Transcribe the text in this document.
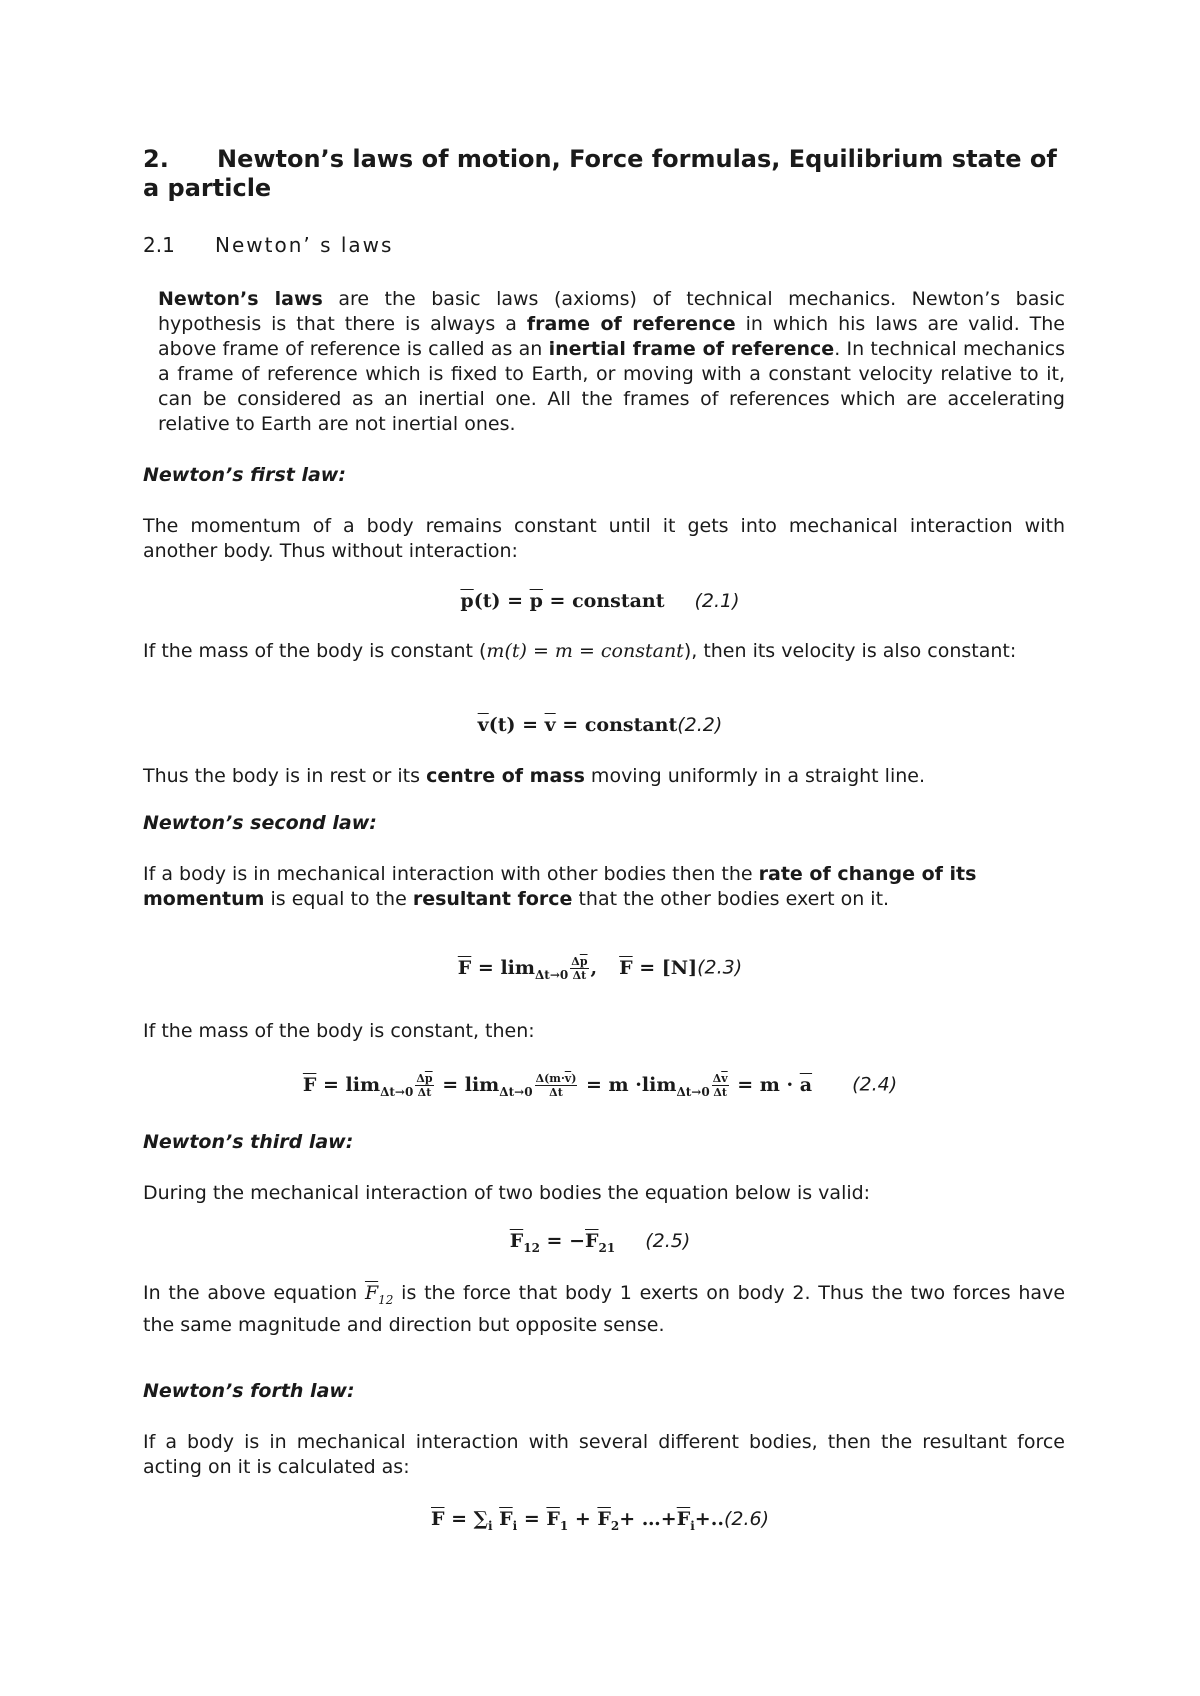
2. Newton’s laws of motion, Force formulas, Equilibrium state of a particle
2.1 Newton’ s laws
Newton’s laws are the basic laws (axioms) of technical mechanics. Newton’s basic hypothesis is that there is always a frame of reference in which his laws are valid. The above frame of reference is called as an inertial frame of reference. In technical mechanics a frame of reference which is fixed to Earth, or moving with a constant velocity relative to it, can be considered as an inertial one. All the frames of references which are accelerating relative to Earth are not inertial ones.
Newton’s first law:
The momentum of a body remains constant until it gets into mechanical interaction with another body. Thus without interaction:
$\overline{p}(t) = \overline{p}$ = constant (2.1)
If the mass of the body is constant (m(t) = m = constant), then its velocity is also constant:
$\overline{v}(t) = \overline{v}$ = constant(2.2)
Thus the body is in rest or its centre of mass moving uniformly in a straight line.
Newton’s second law:
If a body is in mechanical interaction with other bodies then the rate of change of its momentum is equal to the resultant force that the other bodies exert on it.
$\overline{F} = \lim_{\Delta t\to 0} \frac{\Delta\overline{p}}{\Delta t}$ , $\overline{F} = [N](2.3)$
If the mass of the body is constant, then:
$\overline{F} = \lim_{\Delta t\to 0} \frac{\Delta\overline{p}}{\Delta t} = \lim_{\Delta t\to 0} \frac{\Delta(m\cdot\overline{v})}{\Delta t} = m \cdot\lim_{\Delta t\to 0} \frac{\Delta\overline{v}}{\Delta t} = m \cdot \overline{a}$ (2.4)
Newton’s third law:
During the mechanical interaction of two bodies the equation below is valid:
$\overline{F}_{12} = -\overline{F}_{21}$ (2.5)
In the above equation $\overline{F}_{12}$ is the force that body 1 exerts on body 2. Thus the two forces have the same magnitude and direction but opposite sense.
Newton’s forth law:
If a body is in mechanical interaction with several different bodies, then the resultant force acting on it is calculated as:
$\overline{F} = \sum_i$ $\overline{F}_i = \overline{F}_1 + \overline{F}_2+$ $\dots+\overline{F}_i+..(2.6)$
